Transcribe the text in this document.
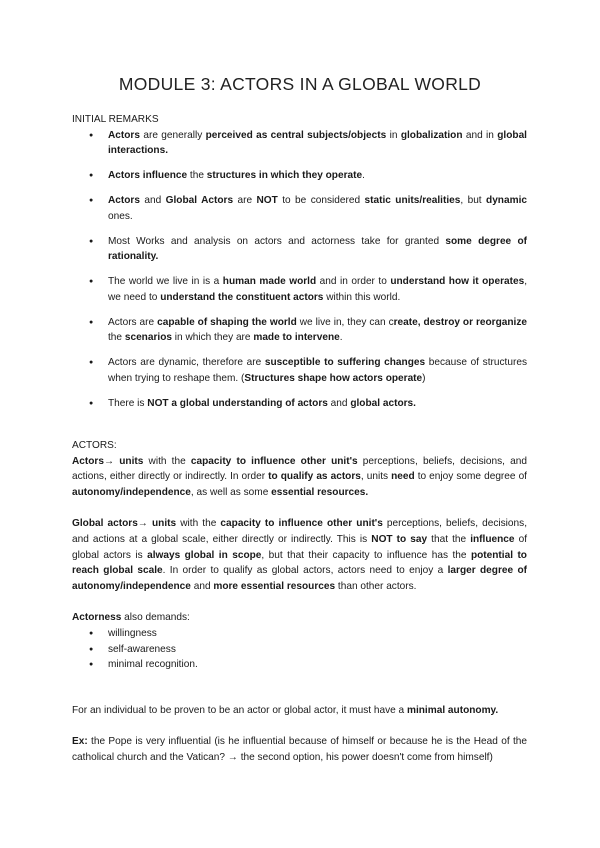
MODULE 3: ACTORS IN A GLOBAL WORLD

INITIAL REMARKS

● Actors are generally perceived as central subjects/objects in globalization and in global interactions.
● Actors influence the structures in which they operate.
● Actors and Global Actors are NOT to be considered static units/realities, but dynamic ones.
● Most Works and analysis on actors and actorness take for granted some degree of rationality.
● The world we live in is a human made world and in order to understand how it operates, we need to understand the constituent actors within this world.
● Actors are capable of shaping the world we live in, they can create, destroy or reorganize the scenarios in which they are made to intervene.
● Actors are dynamic, therefore are susceptible to suffering changes because of structures when trying to reshape them. (Structures shape how actors operate)
● There is NOT a global understanding of actors and global actors.

ACTORS:

Actors→ units with the capacity to influence other unit's perceptions, beliefs, decisions, and actions, either directly or indirectly. In order to qualify as actors, units need to enjoy some degree of autonomy/independence, as well as some essential resources.

Global actors→ units with the capacity to influence other unit's perceptions, beliefs, decisions, and actions at a global scale, either directly or indirectly. This is NOT to say that the influence of global actors is always global in scope, but that their capacity to influence has the potential to reach global scale. In order to qualify as global actors, actors need to enjoy a larger degree of autonomy/independence and more essential resources than other actors.

Actorness also demands:

● willingness
● self-awareness
● minimal recognition.

For an individual to be proven to be an actor or global actor, it must have a minimal autonomy.

Ex: the Pope is very influential (is he influential because of himself or because he is the Head of the catholical church and the Vatican? → the second option, his power doesn't come from himself)
